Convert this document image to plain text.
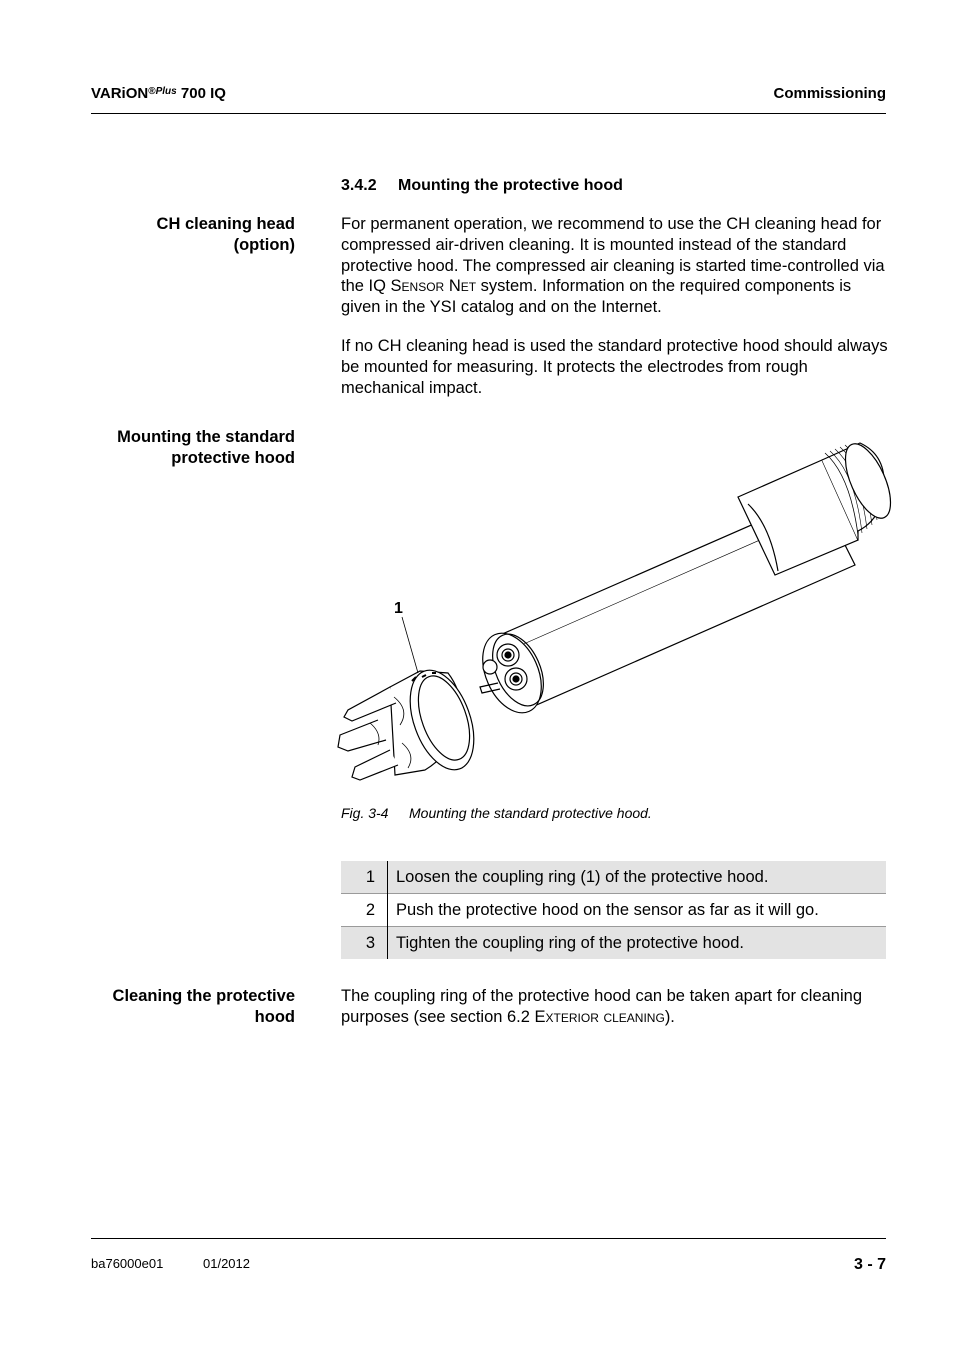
VARiON$^{®Plus}$ 700 IQ	Commissioning
3.4.2 Mounting the protective hood
CH cleaning head
(option)
For permanent operation, we recommend to use the CH cleaning head for compressed air-driven cleaning. It is mounted instead of the standard protective hood. The compressed air cleaning is started time-controlled via the IQ Sensor Net system. Information on the required components is given in the YSI catalog and on the Internet.
If no CH cleaning head is used the standard protective hood should always be mounted for measuring. It protects the electrodes from rough mechanical impact.
Mounting the standard
protective hood
1
Fig. 3-4 Mounting the standard protective hood.
1	Loosen the coupling ring (1) of the protective hood.
2	Push the protective hood on the sensor as far as it will go.
3	Tighten the coupling ring of the protective hood.
Cleaning the protective
hood
The coupling ring of the protective hood can be taken apart for cleaning purposes (see section 6.2 Exterior cleaning).
ba76000e01	01/2012	3 - 7
